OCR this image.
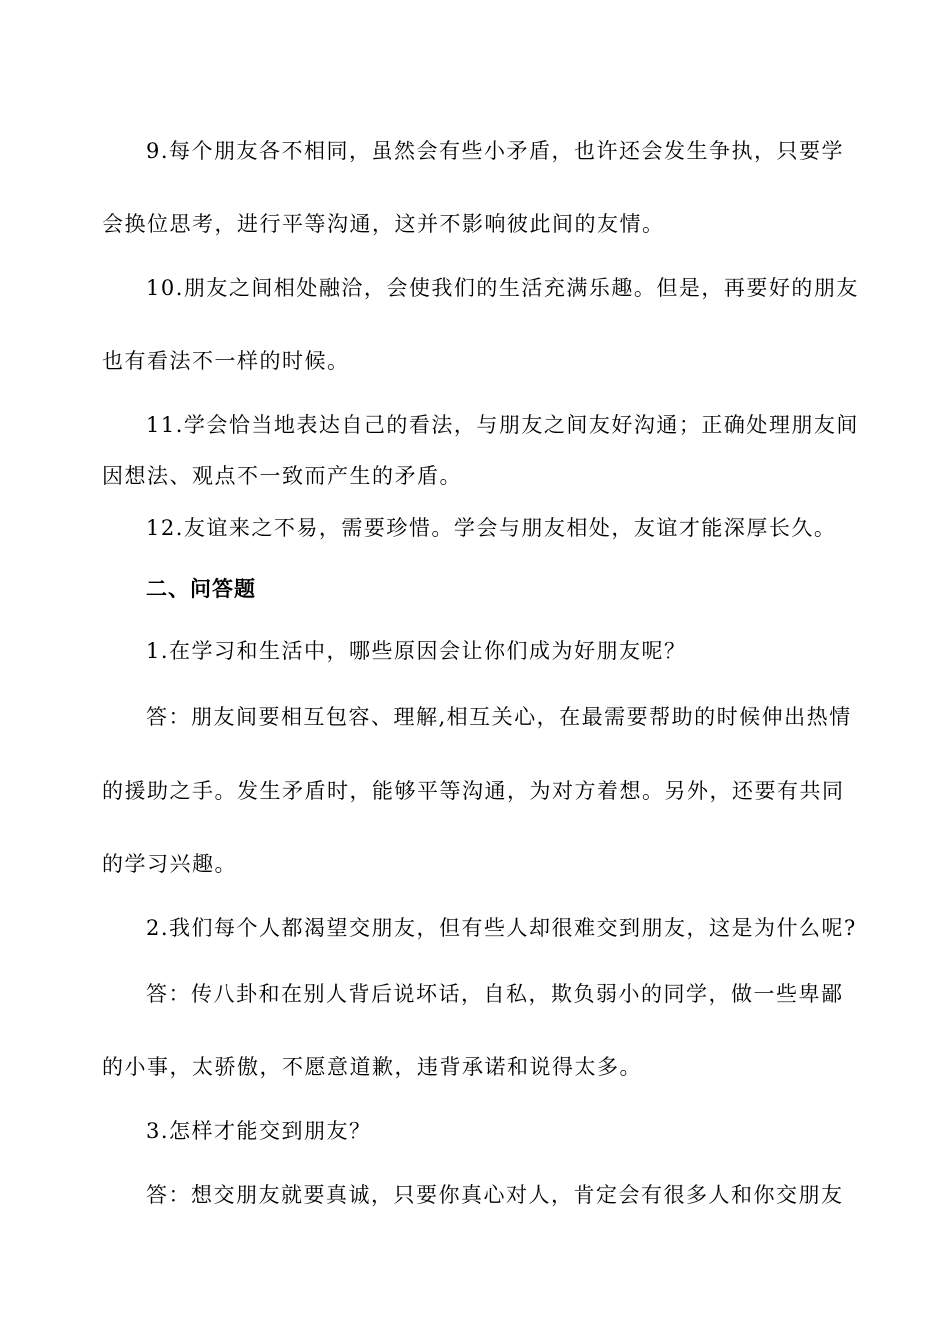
9.每个朋友各不相同，虽然会有些小矛盾，也许还会发生争执，只要学
会换位思考，进行平等沟通，这并不影响彼此间的友情。
10.朋友之间相处融洽，会使我们的生活充满乐趣。但是，再要好的朋友
也有看法不一样的时候。
11.学会恰当地表达自己的看法，与朋友之间友好沟通；正确处理朋友间
因想法、观点不一致而产生的矛盾。
12.友谊来之不易，需要珍惜。学会与朋友相处，友谊才能深厚长久。
二、问答题
1.在学习和生活中，哪些原因会让你们成为好朋友呢？
答：朋友间要相互包容、理解,相互关心，在最需要帮助的时候伸出热情
的援助之手。发生矛盾时，能够平等沟通，为对方着想。另外，还要有共同
的学习兴趣。
2.我们每个人都渴望交朋友，但有些人却很难交到朋友，这是为什么呢?
答：传八卦和在别人背后说坏话，自私，欺负弱小的同学，做一些卑鄙
的小事，太骄傲，不愿意道歉，违背承诺和说得太多。
3.怎样才能交到朋友？
答：想交朋友就要真诚，只要你真心对人，肯定会有很多人和你交朋友
